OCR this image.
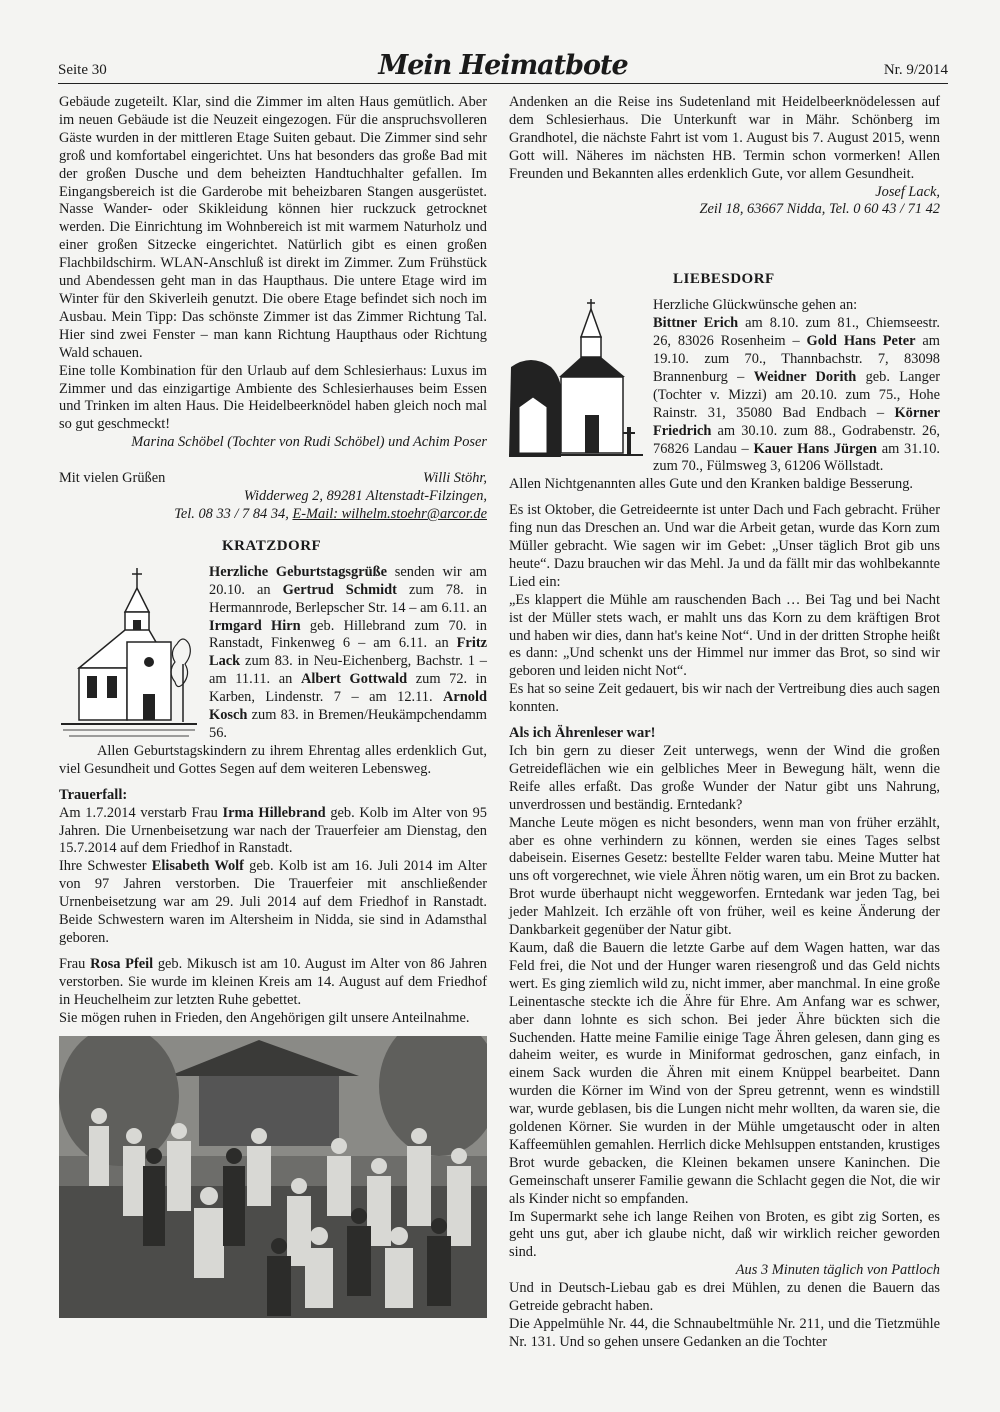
Seite 30	Mein Heimatbote	Nr. 9/2014

Gebäude zugeteilt. Klar, sind die Zimmer im alten Haus gemütlich. Aber im neuen Gebäude ist die Neuzeit eingezogen. Für die anspruchsvolleren Gäste wurden in der mittleren Etage Suiten gebaut. Die Zimmer sind sehr groß und komfortabel eingerichtet. Uns hat besonders das große Bad mit der großen Dusche und dem beheizten Handtuchhalter gefallen. Im Eingangsbereich ist die Garderobe mit beheizbaren Stangen ausgerüstet. Nasse Wander- oder Skikleidung können hier ruckzuck getrocknet werden. Die Einrichtung im Wohnbereich ist mit warmem Naturholz und einer großen Sitzecke eingerichtet. Natürlich gibt es einen großen Flachbildschirm. WLAN-Anschluß ist direkt im Zimmer. Zum Frühstück und Abendessen geht man in das Haupthaus. Die untere Etage wird im Winter für den Skiverleih genutzt. Die obere Etage befindet sich noch im Ausbau. Mein Tipp: Das schönste Zimmer ist das Zimmer Richtung Tal. Hier sind zwei Fenster – man kann Richtung Haupthaus oder Richtung Wald schauen.

Eine tolle Kombination für den Urlaub auf dem Schlesierhaus: Luxus im Zimmer und das einzigartige Ambiente des Schlesierhauses beim Essen und Trinken im alten Haus. Die Heidelbeerknödel haben gleich noch mal so gut geschmeckt!

Marina Schöbel (Tochter von Rudi Schöbel) und Achim Poser

Mit vielen Grüßen	Willi Stöhr,

Widderweg 2, 89281 Altenstadt-Filzingen,

Tel. 08 33 / 7 84 34, E-Mail: wilhelm.stoehr@arcor.de

KRATZDORF

Herzliche Geburtstagsgrüße senden wir am 20.10. an Gertrud Schmidt zum 78. in Hermannrode, Berlepscher Str. 14 – am 6.11. an Irmgard Hirn geb. Hillebrand zum 70. in Ranstadt, Finkenweg 6 – am 6.11. an Fritz Lack zum 83. in Neu-Eichenberg, Bachstr. 1 – am 11.11. an Albert Gottwald zum 72. in Karben, Lindenstr. 7 – am 12.11. Arnold Kosch zum 83. in Bremen/Heukämpchendamm 56.

Allen Geburtstagskindern zu ihrem Ehrentag alles erdenklich Gut, viel Gesundheit und Gottes Segen auf dem weiteren Lebensweg.

Trauerfall:

Am 1.7.2014 verstarb Frau Irma Hillebrand geb. Kolb im Alter von 95 Jahren. Die Urnenbeisetzung war nach der Trauerfeier am Dienstag, den 15.7.2014 auf dem Friedhof in Ranstadt.

Ihre Schwester Elisabeth Wolf geb. Kolb ist am 16. Juli 2014 im Alter von 97 Jahren verstorben. Die Trauerfeier mit anschließender Urnenbeisetzung war am 29. Juli 2014 auf dem Friedhof in Ranstadt. Beide Schwestern waren im Altersheim in Nidda, sie sind in Adamsthal geboren.

Frau Rosa Pfeil geb. Mikusch ist am 10. August im Alter von 86 Jahren verstorben. Sie wurde im kleinen Kreis am 14. August auf dem Friedhof in Heuchelheim zur letzten Ruhe gebettet.

Sie mögen ruhen in Frieden, den Angehörigen gilt unsere Anteilnahme.

Andenken an die Reise ins Sudetenland mit Heidelbeerknödelessen auf dem Schlesierhaus. Die Unterkunft war in Mähr. Schönberg im Grandhotel, die nächste Fahrt ist vom 1. August bis 7. August 2015, wenn Gott will. Näheres im nächsten HB. Termin schon vormerken! Allen Freunden und Bekannten alles erdenklich Gute, vor allem Gesundheit.

Josef Lack,

Zeil 18, 63667 Nidda, Tel. 0 60 43 / 71 42

LIEBESDORF

Herzliche Glückwünsche gehen an:

Bittner Erich am 8.10. zum 81., Chiemseestr. 26, 83026 Rosenheim – Gold Hans Peter am 19.10. zum 70., Thannbachstr. 7, 83098 Brannenburg – Weidner Dorith geb. Langer (Tochter v. Mizzi) am 20.10. zum 75., Hohe Rainstr. 31, 35080 Bad Endbach – Körner Friedrich am 30.10. zum 88., Godrabenstr. 26, 76826 Landau – Kauer Hans Jürgen am 31.10. zum 70., Fülmsweg 3, 61206 Wöllstadt.

Allen Nichtgenannten alles Gute und den Kranken baldige Besserung.

Es ist Oktober, die Getreideernte ist unter Dach und Fach gebracht. Früher fing nun das Dreschen an. Und war die Arbeit getan, wurde das Korn zum Müller gebracht. Wie sagen wir im Gebet: „Unser täglich Brot gib uns heute“. Dazu brauchen wir das Mehl. Ja und da fällt mir das wohlbekannte Lied ein:

„Es klappert die Mühle am rauschenden Bach … Bei Tag und bei Nacht ist der Müller stets wach, er mahlt uns das Korn zu dem kräftigen Brot und haben wir dies, dann hat's keine Not“. Und in der dritten Strophe heißt es dann: „Und schenkt uns der Himmel nur immer das Brot, so sind wir geboren und leiden nicht Not“.

Es hat so seine Zeit gedauert, bis wir nach der Vertreibung dies auch sagen konnten.

Als ich Ährenleser war!

Ich bin gern zu dieser Zeit unterwegs, wenn der Wind die großen Getreideflächen wie ein gelbliches Meer in Bewegung hält, wenn die Reife alles erfaßt. Das große Wunder der Natur gibt uns Nahrung, unverdrossen und beständig. Erntedank?

Manche Leute mögen es nicht besonders, wenn man von früher erzählt, aber es ohne verhindern zu können, werden sie eines Tages selbst dabeisein. Eisernes Gesetz: bestellte Felder waren tabu. Meine Mutter hat uns oft vorgerechnet, wie viele Ähren nötig waren, um ein Brot zu backen. Brot wurde überhaupt nicht weggeworfen. Erntedank war jeden Tag, bei jeder Mahlzeit. Ich erzähle oft von früher, weil es keine Änderung der Dankbarkeit gegenüber der Natur gibt.

Kaum, daß die Bauern die letzte Garbe auf dem Wagen hatten, war das Feld frei, die Not und der Hunger waren riesengroß und das Geld nichts wert. Es ging ziemlich wild zu, nicht immer, aber manchmal. In eine große Leinentasche steckte ich die Ähre für Ehre. Am Anfang war es schwer, aber dann lohnte es sich schon. Bei jeder Ähre bückten sich die Suchenden. Hatte meine Familie einige Tage Ähren gelesen, dann ging es daheim weiter, es wurde in Miniformat gedroschen, ganz einfach, in einem Sack wurden die Ähren mit einem Knüppel bearbeitet. Dann wurden die Körner im Wind von der Spreu getrennt, wenn es windstill war, wurde geblasen, bis die Lungen nicht mehr wollten, da waren sie, die goldenen Körner. Sie wurden in der Mühle umgetauscht oder in alten Kaffeemühlen gemahlen. Herrlich dicke Mehlsuppen entstanden, krustiges Brot wurde gebacken, die Kleinen bekamen unsere Kaninchen. Die Gemeinschaft unserer Familie gewann die Schlacht gegen die Not, die wir als Kinder nicht so empfanden.

Im Supermarkt sehe ich lange Reihen von Broten, es gibt zig Sorten, es geht uns gut, aber ich glaube nicht, daß wir wirklich reicher geworden sind.

Aus 3 Minuten täglich von Pattloch

Und in Deutsch-Liebau gab es drei Mühlen, zu denen die Bauern das Getreide gebracht haben.

Die Appelmühle Nr. 44, die Schnaubeltmühle Nr. 211, und die Tietzmühle Nr. 131. Und so gehen unsere Gedanken an die Tochter
